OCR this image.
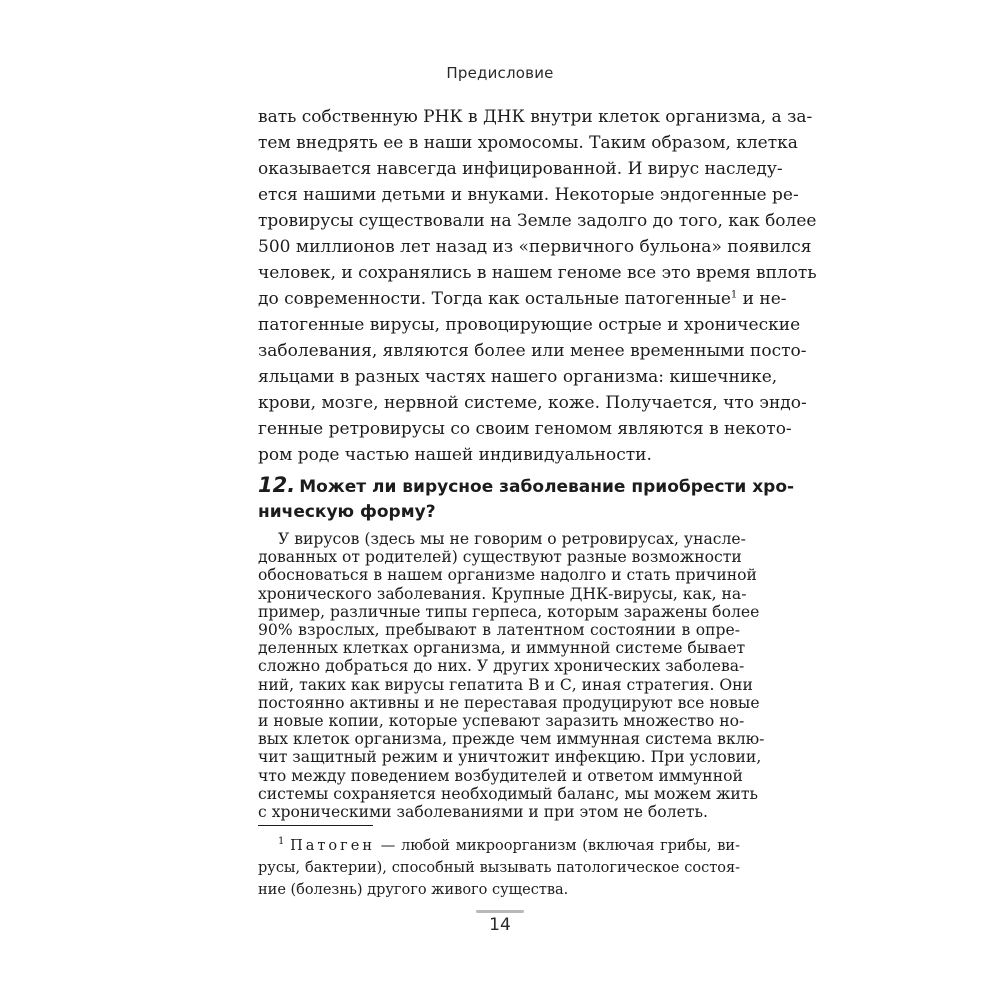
Предисловие
вать собственную РНК в ДНК внутри клеток организма, а за-
тем внедрять ее в наши хромосомы. Таким образом, клетка
оказывается навсегда инфицированной. И вирус наследу-
ется нашими детьми и внуками. Некоторые эндогенные ре-
тровирусы существовали на Земле задолго до того, как более
500 миллионов лет назад из «первичного бульона» появился
человек, и сохранялись в нашем геноме все это время вплоть
до современности. Тогда как остальные патогенные$^1$ и не-
патогенные вирусы, провоцирующие острые и хронические
заболевания, являются более или менее временными посто-
яльцами в разных частях нашего организма: кишечнике,
крови, мозге, нервной системе, коже. Получается, что эндо-
генные ретровирусы со своим геномом являются в некото-
ром роде частью нашей индивидуальности.
12. Может ли вирусное заболевание приобрести хро-
ническую форму?
У вирусов (здесь мы не говорим о ретровирусах, унасле-
дованных от родителей) существуют разные возможности
обосноваться в нашем организме надолго и стать причиной
хронического заболевания. Крупные ДНК-вирусы, как, на-
пример, различные типы герпеса, которым заражены более
90% взрослых, пребывают в латентном состоянии в опре-
деленных клетках организма, и иммунной системе бывает
сложно добраться до них. У других хронических заболева-
ний, таких как вирусы гепатита В и С, иная стратегия. Они
постоянно активны и не переставая продуцируют все новые
и новые копии, которые успевают заразить множество но-
вых клеток организма, прежде чем иммунная система вклю-
чит защитный режим и уничтожит инфекцию. При условии,
что между поведением возбудителей и ответом иммунной
системы сохраняется необходимый баланс, мы можем жить
с хроническими заболеваниями и при этом не болеть.
$^1$ Патоген — любой микроорганизм (включая грибы, ви-
русы, бактерии), способный вызывать патологическое состоя-
ние (болезнь) другого живого существа.
14
